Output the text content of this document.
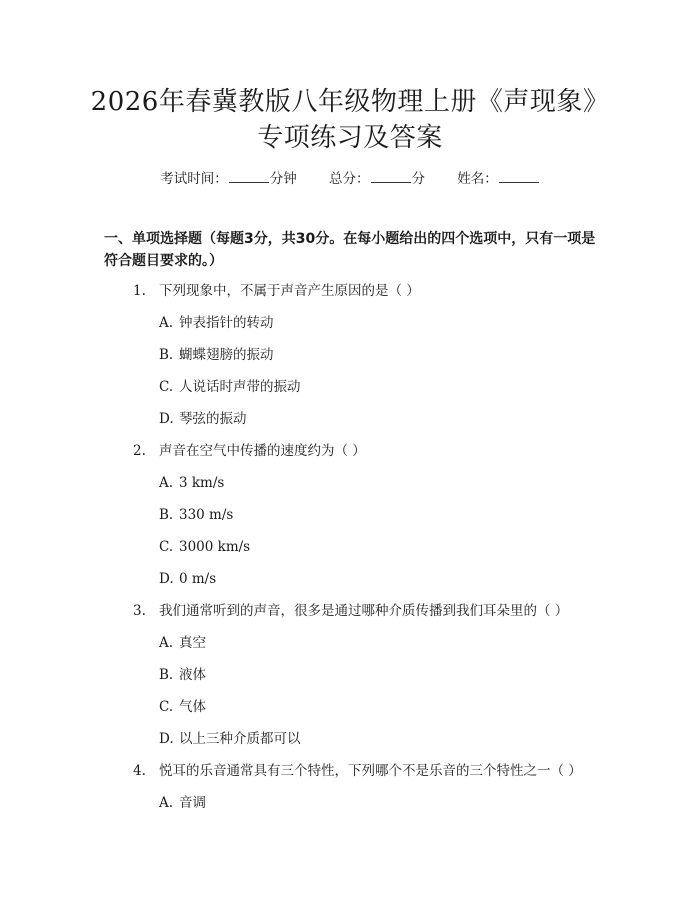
2026年春冀教版八年级物理上册《声现象》
专项练习及答案
考试时间：	分钟 总分：	分 姓名：
一、单项选择题（每题3分，共30分。在每小题给出的四个选项中，只有一项是符合题目要求的。）
1. 下列现象中，不属于声音产生原因的是（ ）
A. 钟表指针的转动
B. 蝴蝶翅膀的振动
C. 人说话时声带的振动
D. 琴弦的振动
2. 声音在空气中传播的速度约为（ ）
A. 3 km/s
B. 330 m/s
C. 3000 km/s
D. 0 m/s
3. 我们通常听到的声音，很多是通过哪种介质传播到我们耳朵里的（ ）
A. 真空
B. 液体
C. 气体
D. 以上三种介质都可以
4. 悦耳的乐音通常具有三个特性，下列哪个不是乐音的三个特性之一（ ）
A. 音调
